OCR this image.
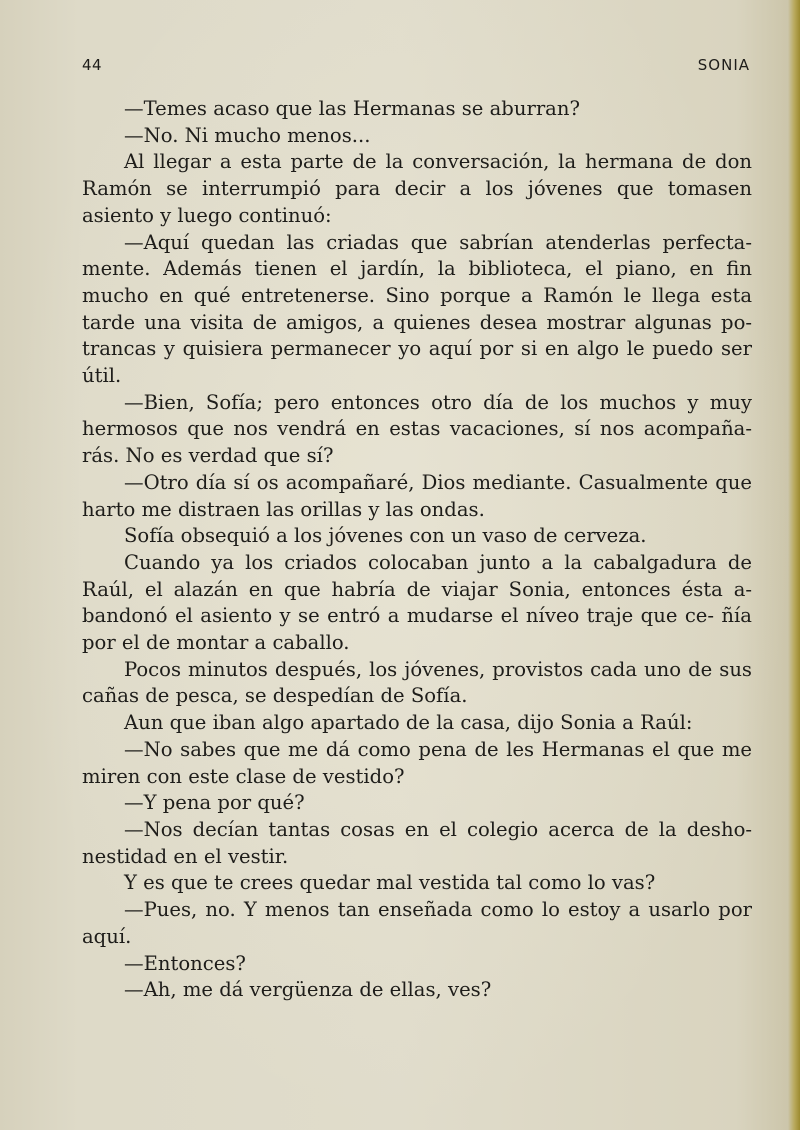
44	SONIA

—Temes acaso que las Hermanas se aburran?

—No. Ni mucho menos...

Al llegar a esta parte de la conversación, la hermana de don Ramón se interrumpió para decir a los jóvenes que tomasen asiento y luego continuó:

—Aquí quedan las criadas que sabrían atenderlas perfecta- mente. Además tienen el jardín, la biblioteca, el piano, en fin mucho en qué entretenerse. Sino porque a Ramón le llega esta tarde una visita de amigos, a quienes desea mostrar algunas po- trancas y quisiera permanecer yo aquí por si en algo le puedo ser útil.

—Bien, Sofía; pero entonces otro día de los muchos y muy hermosos que nos vendrá en estas vacaciones, sí nos acompaña- rás. No es verdad que sí?

—Otro día sí os acompañaré, Dios mediante. Casualmente que harto me distraen las orillas y las ondas.

Sofía obsequió a los jóvenes con un vaso de cerveza.

Cuando ya los criados colocaban junto a la cabalgadura de Raúl, el alazán en que habría de viajar Sonia, entonces ésta a- bandonó el asiento y se entró a mudarse el níveo traje que ce- ñía por el de montar a caballo.

Pocos minutos después, los jóvenes, provistos cada uno de sus cañas de pesca, se despedían de Sofía.

Aun que iban algo apartado de la casa, dijo Sonia a Raúl:

—No sabes que me dá como pena de les Hermanas el que me miren con este clase de vestido?

—Y pena por qué?

—Nos decían tantas cosas en el colegio acerca de la desho- nestidad en el vestir.

Y es que te crees quedar mal vestida tal como lo vas?

—Pues, no. Y menos tan enseñada como lo estoy a usarlo por aquí.

—Entonces?

—Ah, me dá vergüenza de ellas, ves?
